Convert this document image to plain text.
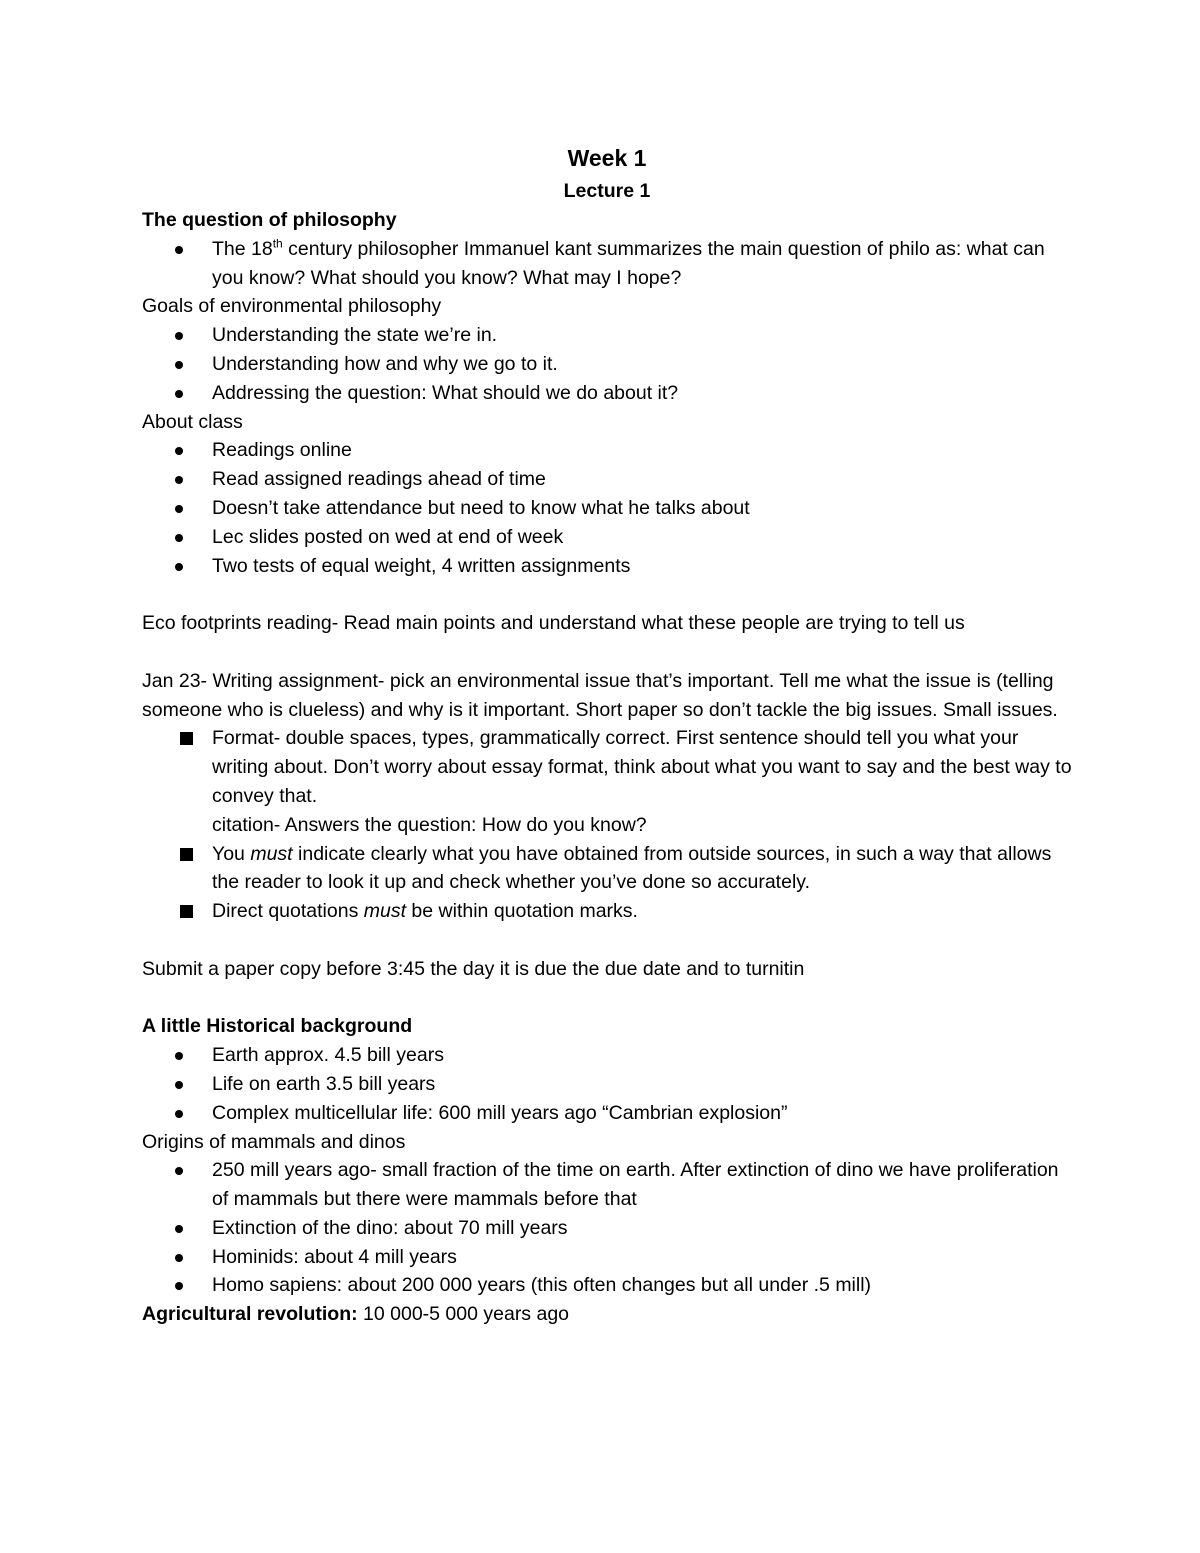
Week 1
Lecture 1
The question of philosophy
The 18th century philosopher Immanuel kant summarizes the main question of philo as: what can you know? What should you know? What may I hope?
Goals of environmental philosophy
Understanding the state we’re in.
Understanding how and why we go to it.
Addressing the question: What should we do about it?
About class
Readings online
Read assigned readings ahead of time
Doesn’t take attendance but need to know what he talks about
Lec slides posted on wed at end of week
Two tests of equal weight, 4 written assignments
Eco footprints reading- Read main points and understand what these people are trying to tell us
Jan 23- Writing assignment- pick an environmental issue that’s important. Tell me what the issue is (telling someone who is clueless) and why is it important. Short paper so don’t tackle the big issues. Small issues.
Format- double spaces, types, grammatically correct. First sentence should tell you what your writing about. Don’t worry about essay format, think about what you want to say and the best way to convey that.
citation- Answers the question: How do you know?
You must indicate clearly what you have obtained from outside sources, in such a way that allows the reader to look it up and check whether you’ve done so accurately.
Direct quotations must be within quotation marks.
Submit a paper copy before 3:45 the day it is due the due date and to turnitin
A little Historical background
Earth approx. 4.5 bill years
Life on earth 3.5 bill years
Complex multicellular life: 600 mill years ago “Cambrian explosion”
Origins of mammals and dinos
250 mill years ago- small fraction of the time on earth. After extinction of dino we have proliferation of mammals but there were mammals before that
Extinction of the dino: about 70 mill years
Hominids: about 4 mill years
Homo sapiens: about 200 000 years (this often changes but all under .5 mill)
Agricultural revolution: 10 000-5 000 years ago
